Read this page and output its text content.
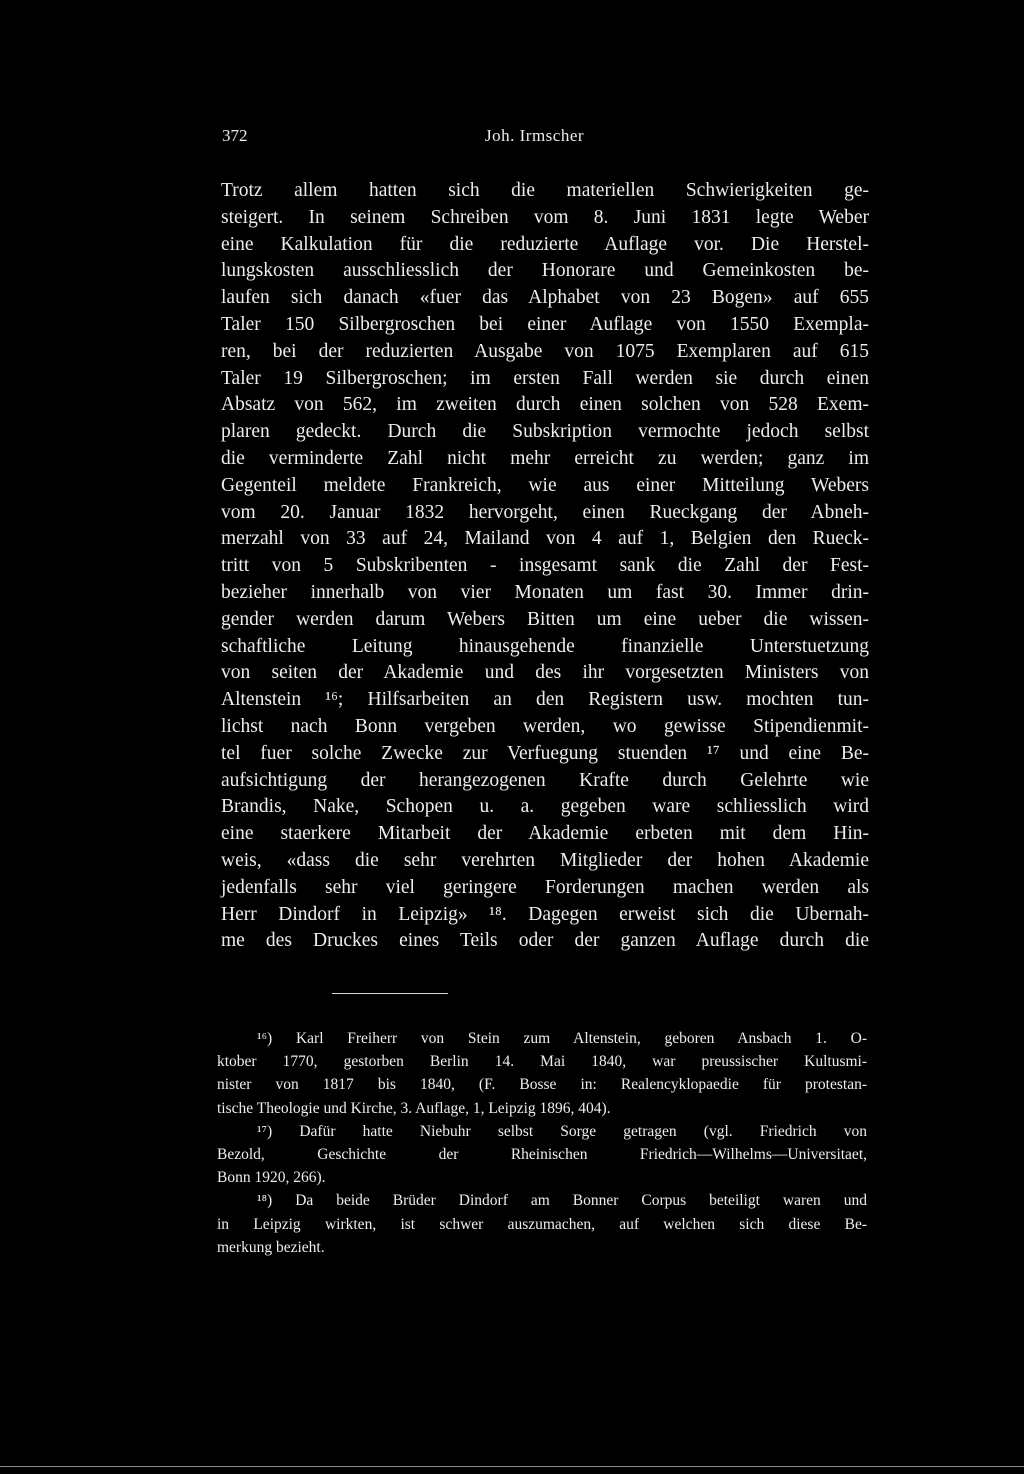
372	Joh. Irmscher
Trotz allem hatten sich die materiellen Schwierigkeiten ge-
steigert. In seinem Schreiben vom 8. Juni 1831 legte Weber
eine Kalkulation für die reduzierte Auflage vor. Die Herstel-
lungskosten ausschliesslich der Honorare und Gemeinkosten be-
laufen sich danach «fuer das Alphabet von 23 Bogen» auf 655
Taler 150 Silbergroschen bei einer Auflage von 1550 Exempla-
ren, bei der reduzierten Ausgabe von 1075 Exemplaren auf 615
Taler 19 Silbergroschen; im ersten Fall werden sie durch einen
Absatz von 562, im zweiten durch einen solchen von 528 Exem-
plaren gedeckt. Durch die Subskription vermochte jedoch selbst
die verminderte Zahl nicht mehr erreicht zu werden; ganz im
Gegenteil meldete Frankreich, wie aus einer Mitteilung Webers
vom 20. Januar 1832 hervorgeht, einen Rueckgang der Abneh-
merzahl von 33 auf 24, Mailand von 4 auf 1, Belgien den Rueck-
tritt von 5 Subskribenten - insgesamt sank die Zahl der Fest-
bezieher innerhalb von vier Monaten um fast 30. Immer drin-
gender werden darum Webers Bitten um eine ueber die wissen-
schaftliche Leitung hinausgehende finanzielle Unterstuetzung
von seiten der Akademie und des ihr vorgesetzten Ministers von
Altenstein ¹⁶; Hilfsarbeiten an den Registern usw. mochten tun-
lichst nach Bonn vergeben werden, wo gewisse Stipendienmit-
tel fuer solche Zwecke zur Verfuegung stuenden ¹⁷ und eine Be-
aufsichtigung der herangezogenen Krafte durch Gelehrte wie
Brandis, Nake, Schopen u. a. gegeben ware schliesslich wird
eine staerkere Mitarbeit der Akademie erbeten mit dem Hin-
weis, «dass die sehr verehrten Mitglieder der hohen Akademie
jedenfalls sehr viel geringere Forderungen machen werden als
Herr Dindorf in Leipzig» ¹⁸. Dagegen erweist sich die Ubernah-
me des Druckes eines Teils oder der ganzen Auflage durch die
¹⁶) Karl Freiherr von Stein zum Altenstein, geboren Ansbach 1. O-
ktober 1770, gestorben Berlin 14. Mai 1840, war preussischer Kultusmi-
nister von 1817 bis 1840, (F. Bosse in: Realencyklopaedie für protestan-
tische Theologie und Kirche, 3. Auflage, 1, Leipzig 1896, 404).
¹⁷) Dafür hatte Niebuhr selbst Sorge getragen (vgl. Friedrich von
Bezold, Geschichte der Rheinischen Friedrich—Wilhelms—Universitaet,
Bonn 1920, 266).
¹⁸) Da beide Brüder Dindorf am Bonner Corpus beteiligt waren und
in Leipzig wirkten, ist schwer auszumachen, auf welchen sich diese Be-
merkung bezieht.
